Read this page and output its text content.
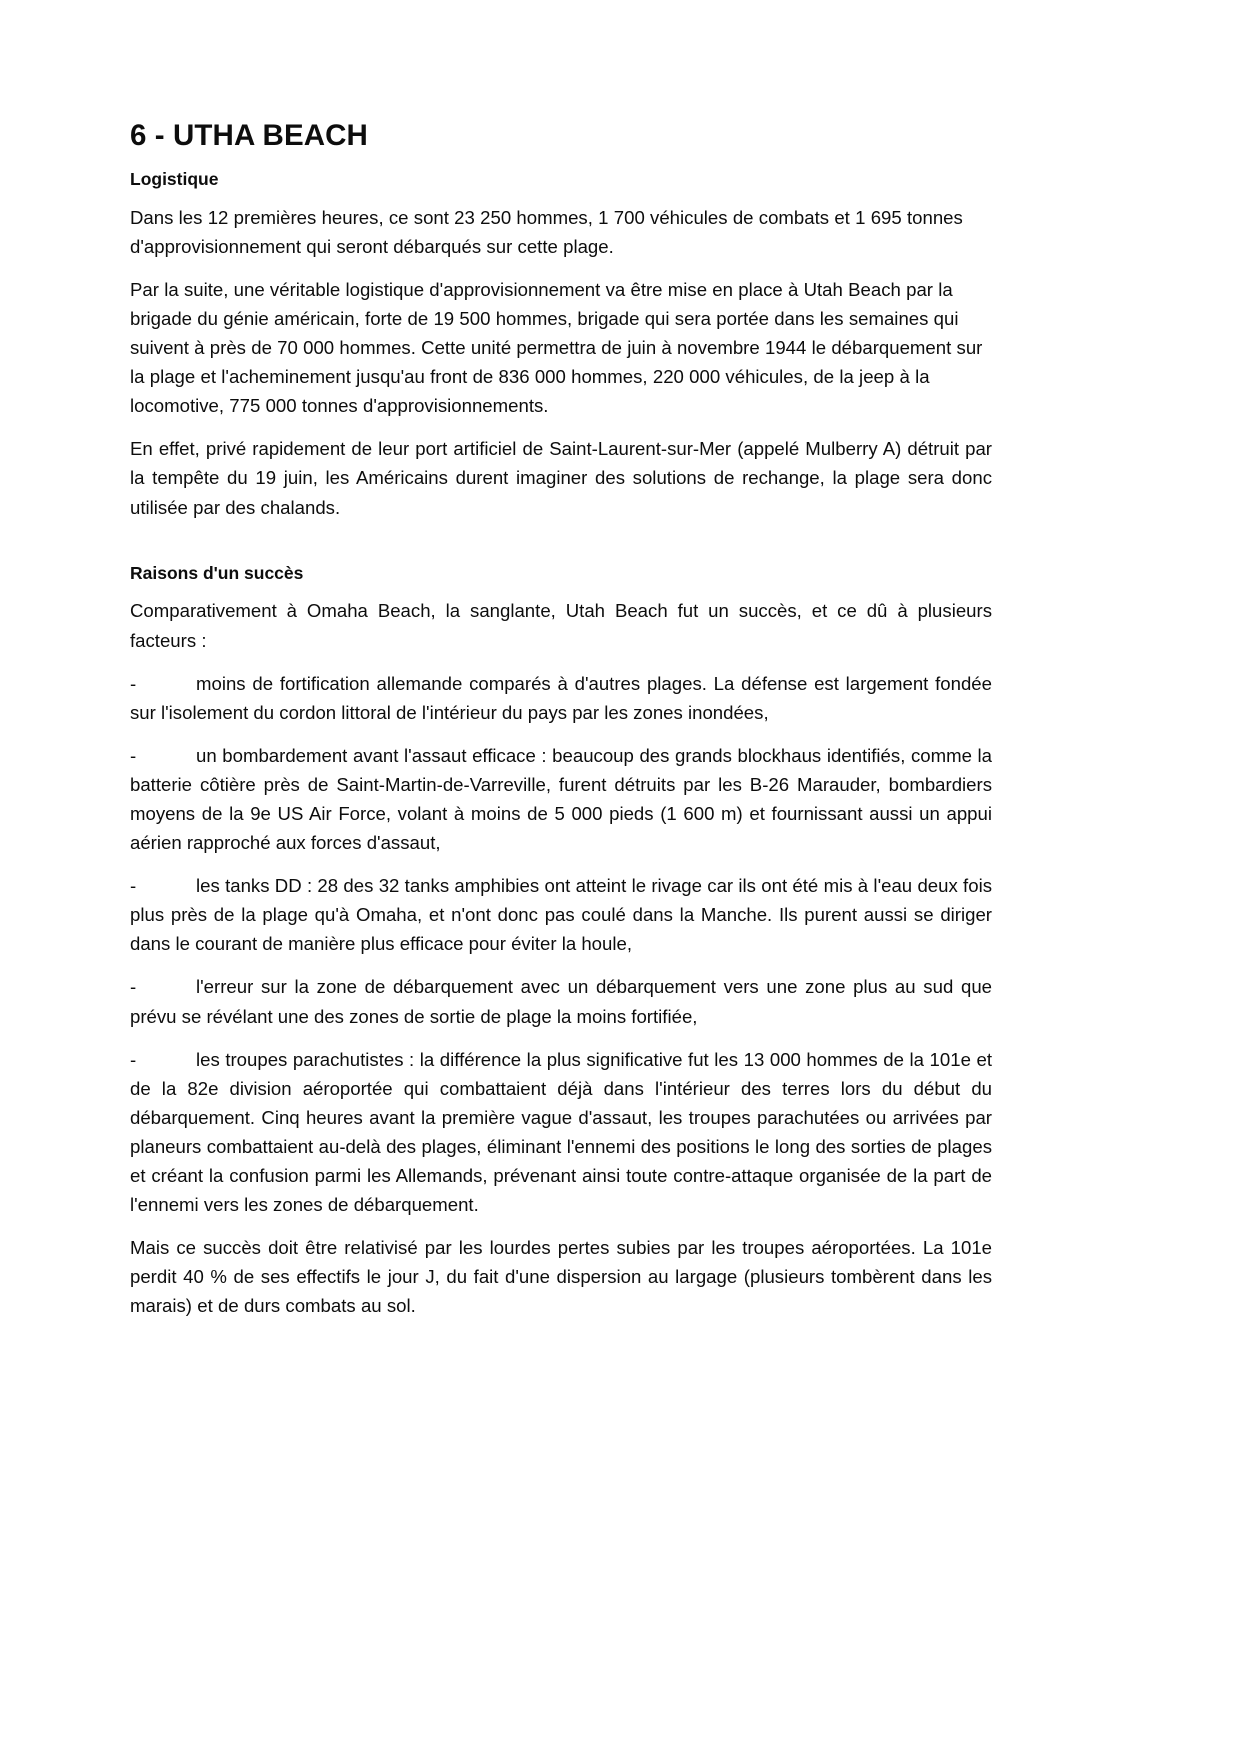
6 - UTHA BEACH
Logistique

Dans les 12 premières heures, ce sont 23 250 hommes, 1 700 véhicules de combats et 1 695 tonnes d'approvisionnement qui seront débarqués sur cette plage.

Par la suite, une véritable logistique d'approvisionnement va être mise en place à Utah Beach par la brigade du génie américain, forte de 19 500 hommes, brigade qui sera portée dans les semaines qui suivent à près de 70 000 hommes. Cette unité permettra de juin à novembre 1944 le débarquement sur la plage et l'acheminement jusqu'au front de 836 000 hommes, 220 000 véhicules, de la jeep à la locomotive, 775 000 tonnes d'approvisionnements.

En effet, privé rapidement de leur port artificiel de Saint-Laurent-sur-Mer (appelé Mulberry A) détruit par la tempête du 19 juin, les Américains durent imaginer des solutions de rechange, la plage sera donc utilisée par des chalands.

Raisons d'un succès

Comparativement à Omaha Beach, la sanglante, Utah Beach fut un succès, et ce dû à plusieurs facteurs :

-	moins de fortification allemande comparés à d'autres plages. La défense est largement fondée sur l'isolement du cordon littoral de l'intérieur du pays par les zones inondées,
-	un bombardement avant l'assaut efficace : beaucoup des grands blockhaus identifiés, comme la batterie côtière près de Saint-Martin-de-Varreville, furent détruits par les B-26 Marauder, bombardiers moyens de la 9e US Air Force, volant à moins de 5 000 pieds (1 600 m) et fournissant aussi un appui aérien rapproché aux forces d'assaut,
-	les tanks DD : 28 des 32 tanks amphibies ont atteint le rivage car ils ont été mis à l'eau deux fois plus près de la plage qu'à Omaha, et n'ont donc pas coulé dans la Manche. Ils purent aussi se diriger dans le courant de manière plus efficace pour éviter la houle,
-	l'erreur sur la zone de débarquement avec un débarquement vers une zone plus au sud que prévu se révélant une des zones de sortie de plage la moins fortifiée,
-	les troupes parachutistes : la différence la plus significative fut les 13 000 hommes de la 101e et de la 82e division aéroportée qui combattaient déjà dans l'intérieur des terres lors du début du débarquement. Cinq heures avant la première vague d'assaut, les troupes parachutées ou arrivées par planeurs combattaient au-delà des plages, éliminant l'ennemi des positions le long des sorties de plages et créant la confusion parmi les Allemands, prévenant ainsi toute contre-attaque organisée de la part de l'ennemi vers les zones de débarquement.

Mais ce succès doit être relativisé par les lourdes pertes subies par les troupes aéroportées. La 101e perdit 40 % de ses effectifs le jour J, du fait d'une dispersion au largage (plusieurs tombèrent dans les marais) et de durs combats au sol.
